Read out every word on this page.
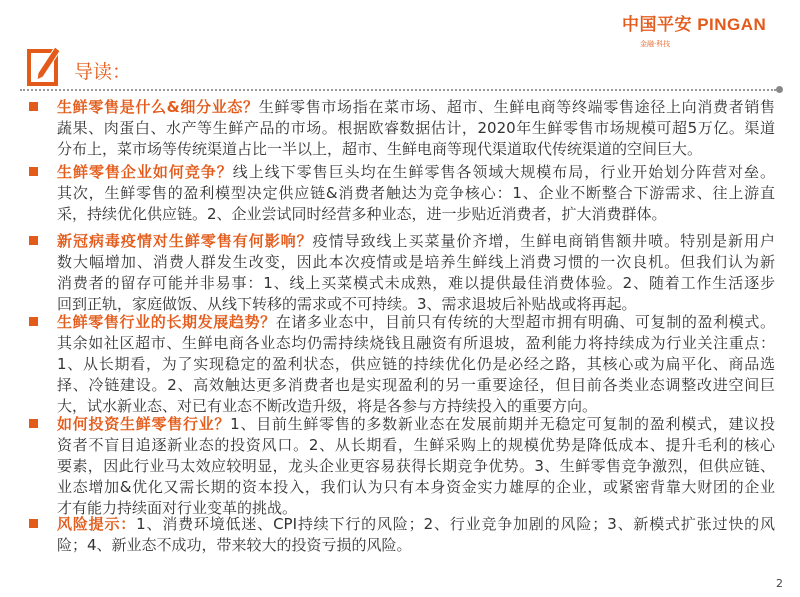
中国平安 PINGAN
金融·科技
导读：
生鲜零售是什么&细分业态？生鲜零售市场指在菜市场、超市、生鲜电商等终端零售途径上向消费者销售
蔬果、肉蛋白、水产等生鲜产品的市场。根据欧睿数据估计，2020年生鲜零售市场规模可超5万亿。渠道
分布上，菜市场等传统渠道占比一半以上，超市、生鲜电商等现代渠道取代传统渠道的空间巨大。
生鲜零售企业如何竞争？线上线下零售巨头均在生鲜零售各领域大规模布局，行业开始划分阵营对垒。
其次，生鲜零售的盈利模型决定供应链&消费者触达为竞争核心：1、企业不断整合下游需求、往上游直
采，持续优化供应链。2、企业尝试同时经营多种业态，进一步贴近消费者，扩大消费群体。
新冠病毒疫情对生鲜零售有何影响？疫情导致线上买菜量价齐增，生鲜电商销售额井喷。特别是新用户
数大幅增加、消费人群发生改变，因此本次疫情或是培养生鲜线上消费习惯的一次良机。但我们认为新
消费者的留存可能并非易事：1、线上买菜模式未成熟，难以提供最佳消费体验。2、随着工作生活逐步
回到正轨，家庭做饭、从线下转移的需求或不可持续。3、需求退坡后补贴战或将再起。
生鲜零售行业的长期发展趋势？在诸多业态中，目前只有传统的大型超市拥有明确、可复制的盈利模式。
其余如社区超市、生鲜电商各业态均仍需持续烧钱且融资有所退坡，盈利能力将持续成为行业关注重点：
1、从长期看，为了实现稳定的盈利状态，供应链的持续优化仍是必经之路，其核心或为扁平化、商品选
择、冷链建设。2、高效触达更多消费者也是实现盈利的另一重要途径，但目前各类业态调整改进空间巨
大，试水新业态、对已有业态不断改造升级，将是各参与方持续投入的重要方向。
如何投资生鲜零售行业？1、目前生鲜零售的多数新业态在发展前期并无稳定可复制的盈利模式，建议投
资者不盲目追逐新业态的投资风口。2、从长期看，生鲜采购上的规模优势是降低成本、提升毛利的核心
要素，因此行业马太效应较明显，龙头企业更容易获得长期竞争优势。3、生鲜零售竞争激烈，但供应链、
业态增加&优化又需长期的资本投入，我们认为只有本身资金实力雄厚的企业，或紧密背靠大财团的企业
才有能力持续面对行业变革的挑战。
风险提示：1、消费环境低迷、CPI持续下行的风险；2、行业竞争加剧的风险；3、新模式扩张过快的风
险；4、新业态不成功，带来较大的投资亏损的风险。
2
